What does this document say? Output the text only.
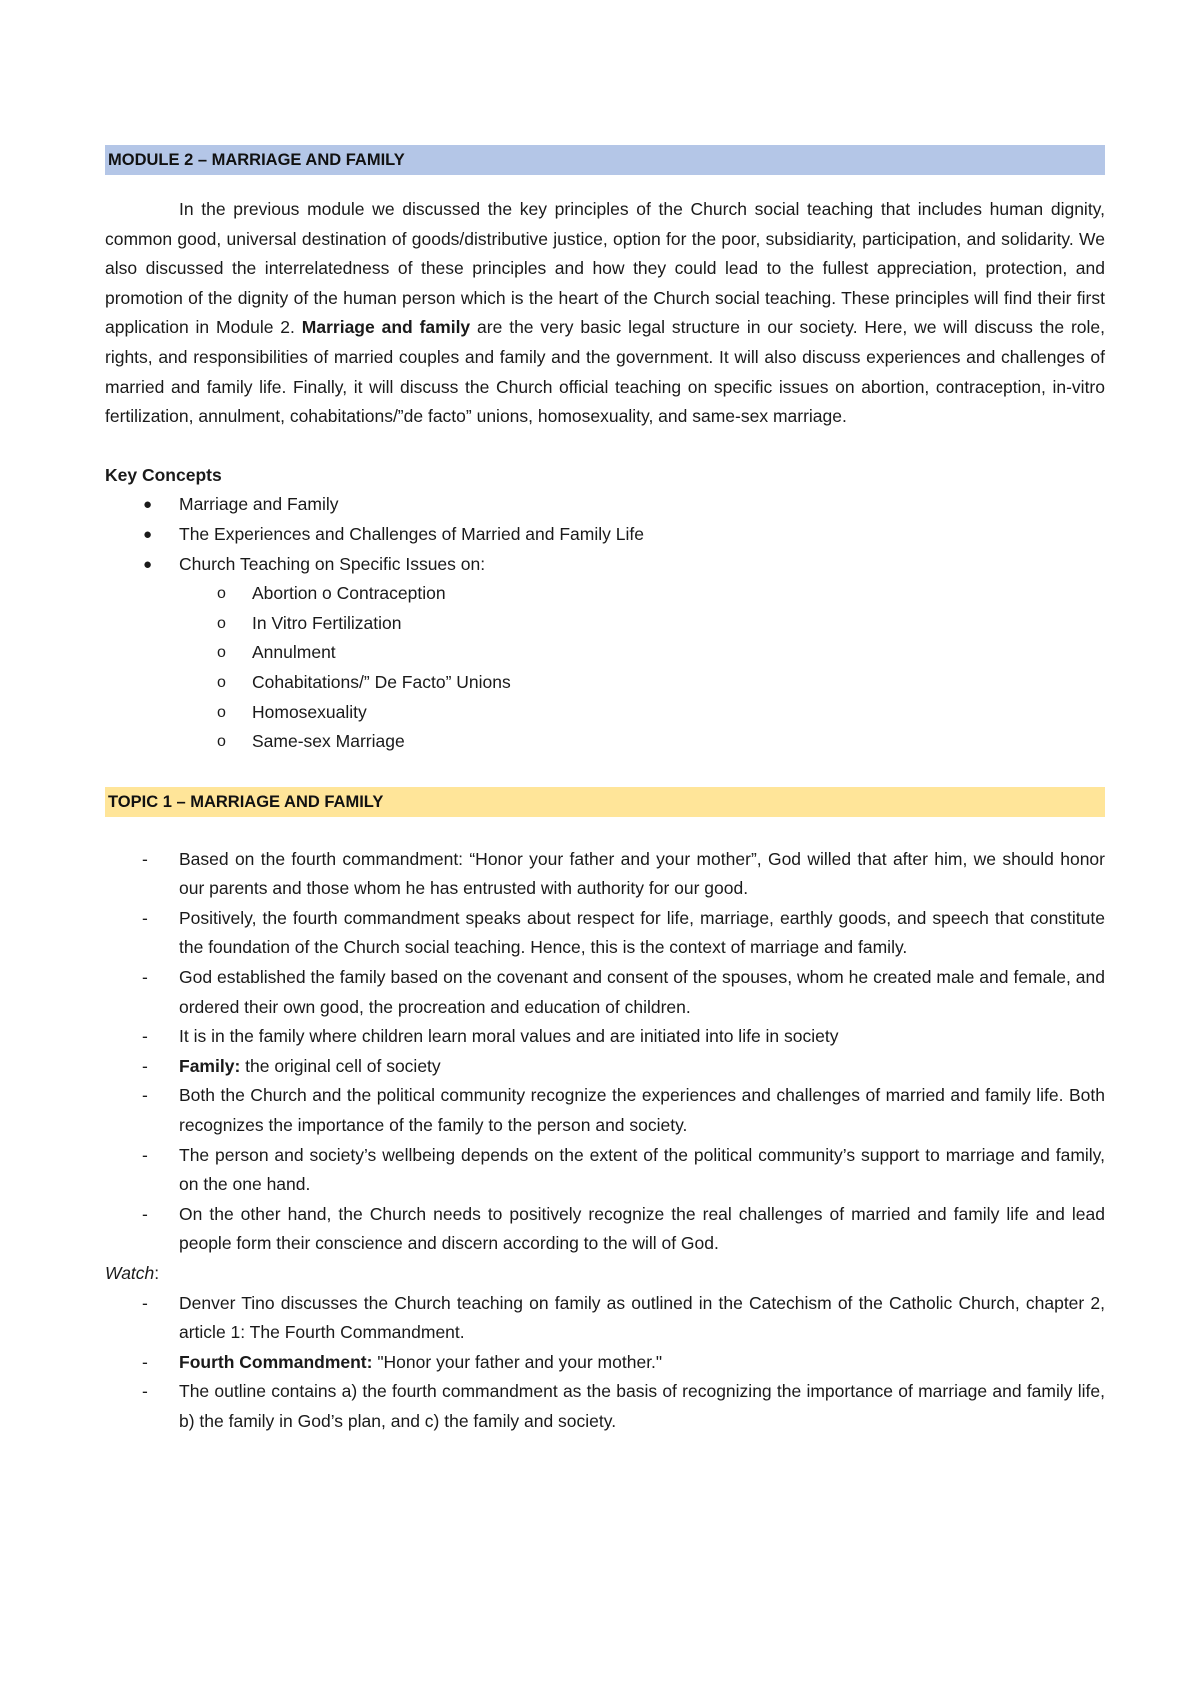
MODULE 2 – MARRIAGE AND FAMILY

In the previous module we discussed the key principles of the Church social teaching that includes human dignity, common good, universal destination of goods/distributive justice, option for the poor, subsidiarity, participation, and solidarity. We also discussed the interrelatedness of these principles and how they could lead to the fullest appreciation, protection, and promotion of the dignity of the human person which is the heart of the Church social teaching. These principles will find their first application in Module 2. Marriage and family are the very basic legal structure in our society. Here, we will discuss the role, rights, and responsibilities of married couples and family and the government. It will also discuss experiences and challenges of married and family life. Finally, it will discuss the Church official teaching on specific issues on abortion, contraception, in-vitro fertilization, annulment, cohabitations/”de facto” unions, homosexuality, and same-sex marriage.

Key Concepts
● Marriage and Family
● The Experiences and Challenges of Married and Family Life
● Church Teaching on Specific Issues on:
o Abortion o Contraception
o In Vitro Fertilization
o Annulment
o Cohabitations/” De Facto” Unions
o Homosexuality
o Same-sex Marriage
TOPIC 1 – MARRIAGE AND FAMILY
- Based on the fourth commandment: “Honor your father and your mother”, God willed that after him, we should honor our parents and those whom he has entrusted with authority for our good.
- Positively, the fourth commandment speaks about respect for life, marriage, earthly goods, and speech that constitute the foundation of the Church social teaching. Hence, this is the context of marriage and family.
- God established the family based on the covenant and consent of the spouses, whom he created male and female, and ordered their own good, the procreation and education of children.
- It is in the family where children learn moral values and are initiated into life in society
- Family: the original cell of society
- Both the Church and the political community recognize the experiences and challenges of married and family life. Both recognizes the importance of the family to the person and society.
- The person and society’s wellbeing depends on the extent of the political community’s support to marriage and family, on the one hand.
- On the other hand, the Church needs to positively recognize the real challenges of married and family life and lead people form their conscience and discern according to the will of God.
Watch:
- Denver Tino discusses the Church teaching on family as outlined in the Catechism of the Catholic Church, chapter 2, article 1: The Fourth Commandment.
- Fourth Commandment: "Honor your father and your mother."
- The outline contains a) the fourth commandment as the basis of recognizing the importance of marriage and family life, b) the family in God’s plan, and c) the family and society.
